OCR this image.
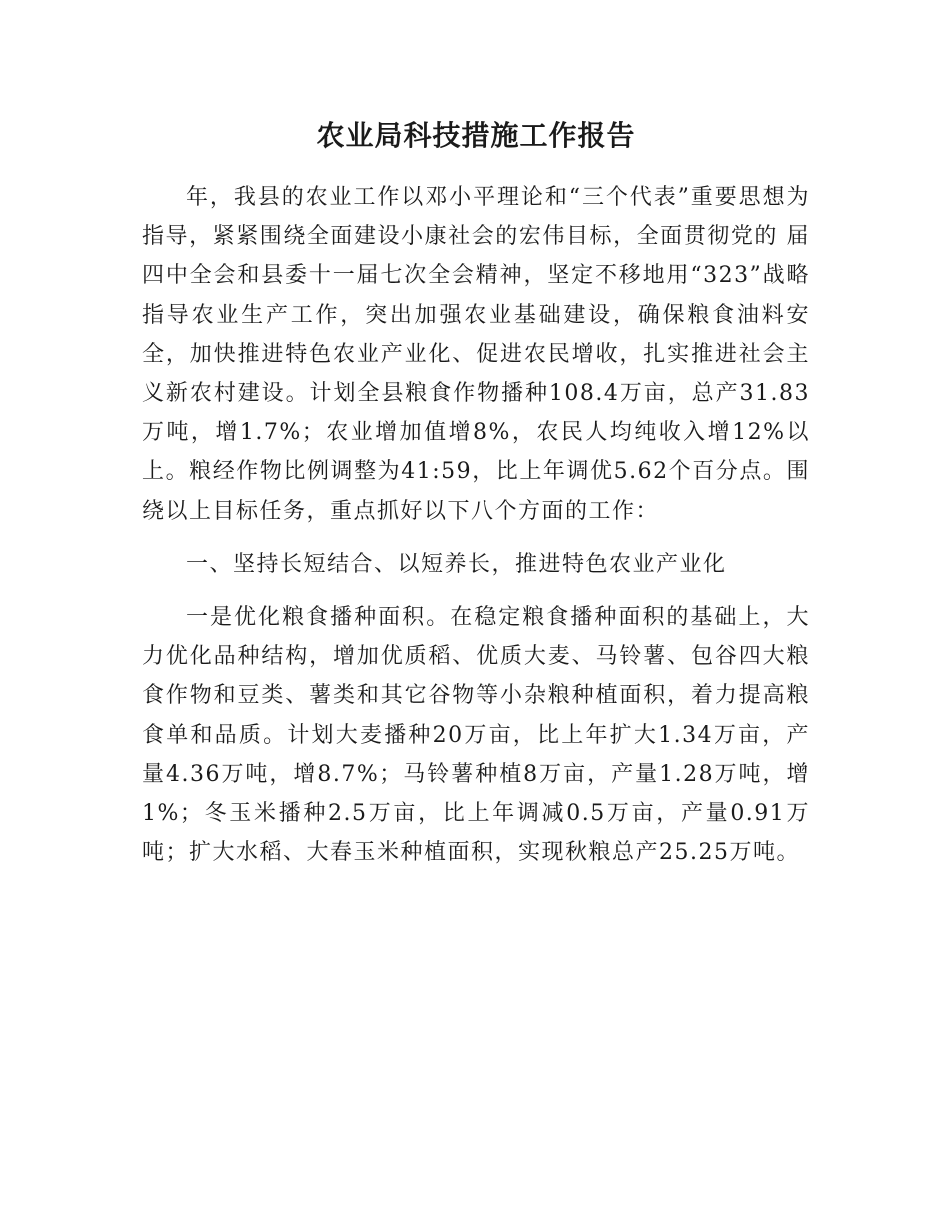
农业局科技措施工作报告

年，我县的农业工作以邓小平理论和“三个代表”重要思想为指导，紧紧围绕全面建设小康社会的宏伟目标，全面贯彻党的 届四中全会和县委十一届七次全会精神，坚定不移地用“323”战略指导农业生产工作，突出加强农业基础建设，确保粮食油料安全，加快推进特色农业产业化、促进农民增收，扎实推进社会主义新农村建设。计划全县粮食作物播种108.4万亩，总产31.83万吨，增1.7%；农业增加值增8%，农民人均纯收入增12%以上。粮经作物比例调整为41:59，比上年调优5.62个百分点。围绕以上目标任务，重点抓好以下八个方面的工作：

一、坚持长短结合、以短养长，推进特色农业产业化

一是优化粮食播种面积。在稳定粮食播种面积的基础上，大力优化品种结构，增加优质稻、优质大麦、马铃薯、包谷四大粮食作物和豆类、薯类和其它谷物等小杂粮种植面积，着力提高粮食单和品质。计划大麦播种20万亩，比上年扩大1.34万亩，产量4.36万吨，增8.7%；马铃薯种植8万亩，产量1.28万吨，增1%；冬玉米播种2.5万亩，比上年调减0.5万亩，产量0.91万吨；扩大水稻、大春玉米种植面积，实现秋粮总产25.25万吨。
